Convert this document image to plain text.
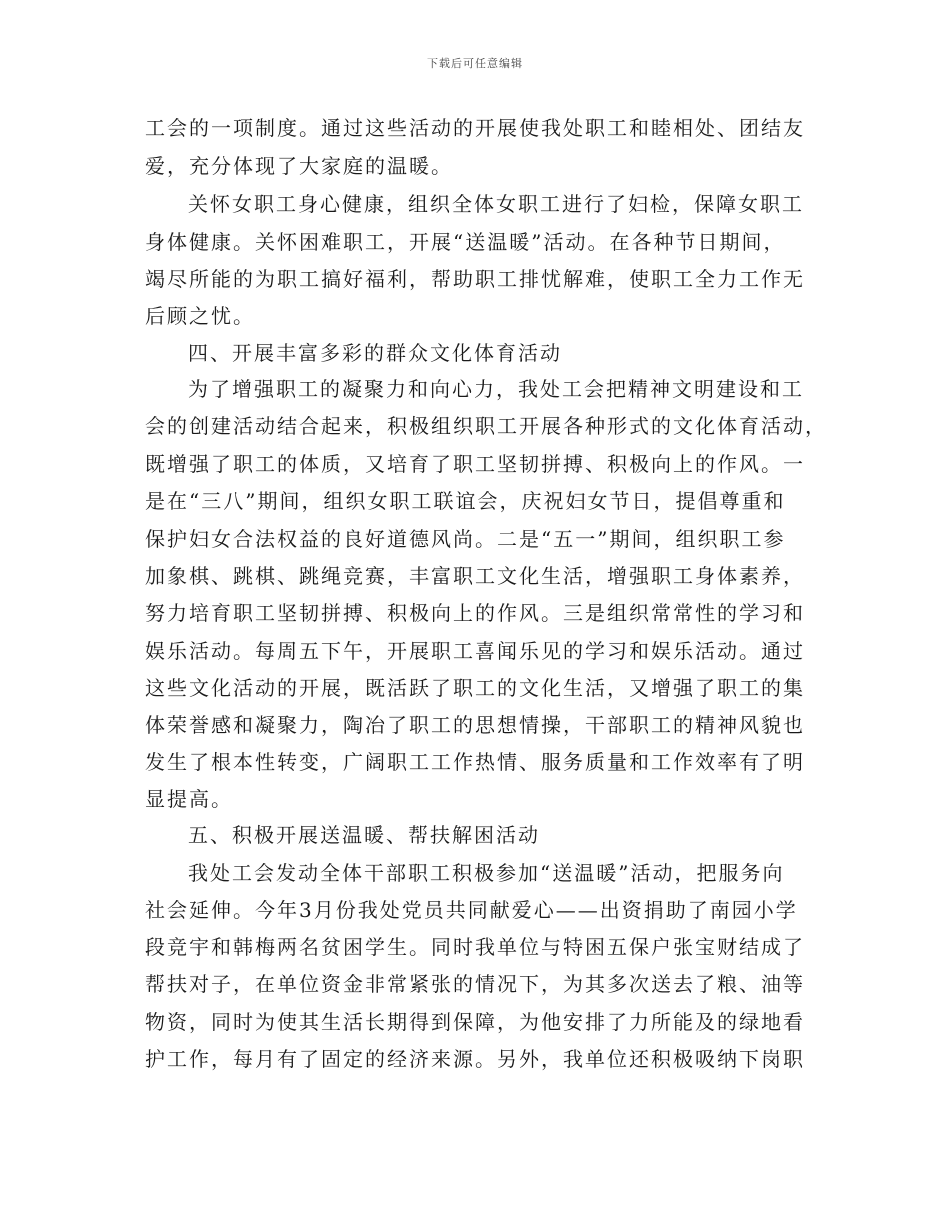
下载后可任意编辑
工会的一项制度。通过这些活动的开展使我处职工和睦相处、团结友
爱，充分体现了大家庭的温暖。
关怀女职工身心健康，组织全体女职工进行了妇检，保障女职工
身体健康。关怀困难职工，开展“送温暖”活动。在各种节日期间，
竭尽所能的为职工搞好福利，帮助职工排忧解难，使职工全力工作无
后顾之忧。
四、开展丰富多彩的群众文化体育活动
为了增强职工的凝聚力和向心力，我处工会把精神文明建设和工
会的创建活动结合起来，积极组织职工开展各种形式的文化体育活动，
既增强了职工的体质，又培育了职工坚韧拼搏、积极向上的作风。一
是在“三八”期间，组织女职工联谊会，庆祝妇女节日，提倡尊重和
保护妇女合法权益的良好道德风尚。二是“五一”期间，组织职工参
加象棋、跳棋、跳绳竞赛，丰富职工文化生活，增强职工身体素养，
努力培育职工坚韧拼搏、积极向上的作风。三是组织常常性的学习和
娱乐活动。每周五下午，开展职工喜闻乐见的学习和娱乐活动。通过
这些文化活动的开展，既活跃了职工的文化生活，又增强了职工的集
体荣誉感和凝聚力，陶冶了职工的思想情操，干部职工的精神风貌也
发生了根本性转变，广阔职工工作热情、服务质量和工作效率有了明
显提高。
五、积极开展送温暖、帮扶解困活动
我处工会发动全体干部职工积极参加“送温暖”活动，把服务向
社会延伸。今年3月份我处党员共同献爱心——出资捐助了南园小学
段竞宇和韩梅两名贫困学生。同时我单位与特困五保户张宝财结成了
帮扶对子，在单位资金非常紧张的情况下，为其多次送去了粮、油等
物资，同时为使其生活长期得到保障，为他安排了力所能及的绿地看
护工作，每月有了固定的经济来源。另外，我单位还积极吸纳下岗职
